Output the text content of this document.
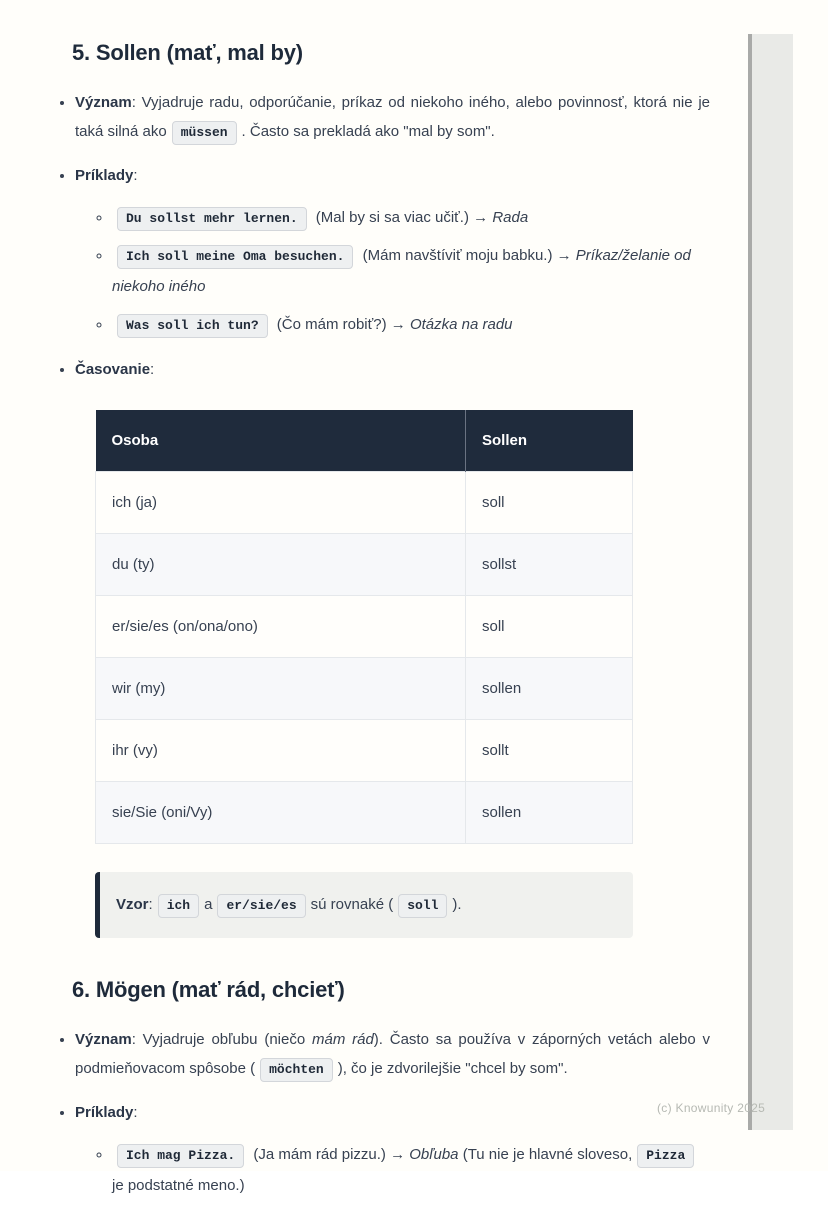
5. Sollen (mať, mal by)
• Význam: Vyjadruje radu, odporúčanie, príkaz od niekoho iného, alebo povinnosť, ktorá nie je taká silná ako müssen . Často sa prekladá ako "mal by som".
• Príklady:
◦ Du sollst mehr lernen. (Mal by si sa viac učiť.) → Rada
◦ Ich soll meine Oma besuchen. (Mám navštíviť moju babku.) → Príkaz/želanie od niekoho iného
◦ Was soll ich tun? (Čo mám robiť?) → Otázka na radu
• Časovanie:
Osoba	Sollen
ich (ja)	soll
du (ty)	sollst
er/sie/es (on/ona/ono)	soll
wir (my)	sollen
ihr (vy)	sollt
sie/Sie (oni/Vy)	sollen
Vzor: ich a er/sie/es sú rovnaké ( soll ).
6. Mögen (mať rád, chcieť)
• Význam: Vyjadruje obľubu (niečo mám rád). Často sa používa v záporných vetách alebo v podmieňovacom spôsobe ( möchten ), čo je zdvorilejšie "chcel by som".
• Príklady:
◦ Ich mag Pizza. (Ja mám rád pizzu.) → Obľuba (Tu nie je hlavné sloveso, Pizzaje podstatné meno.)
(c) Knowunity 2025
